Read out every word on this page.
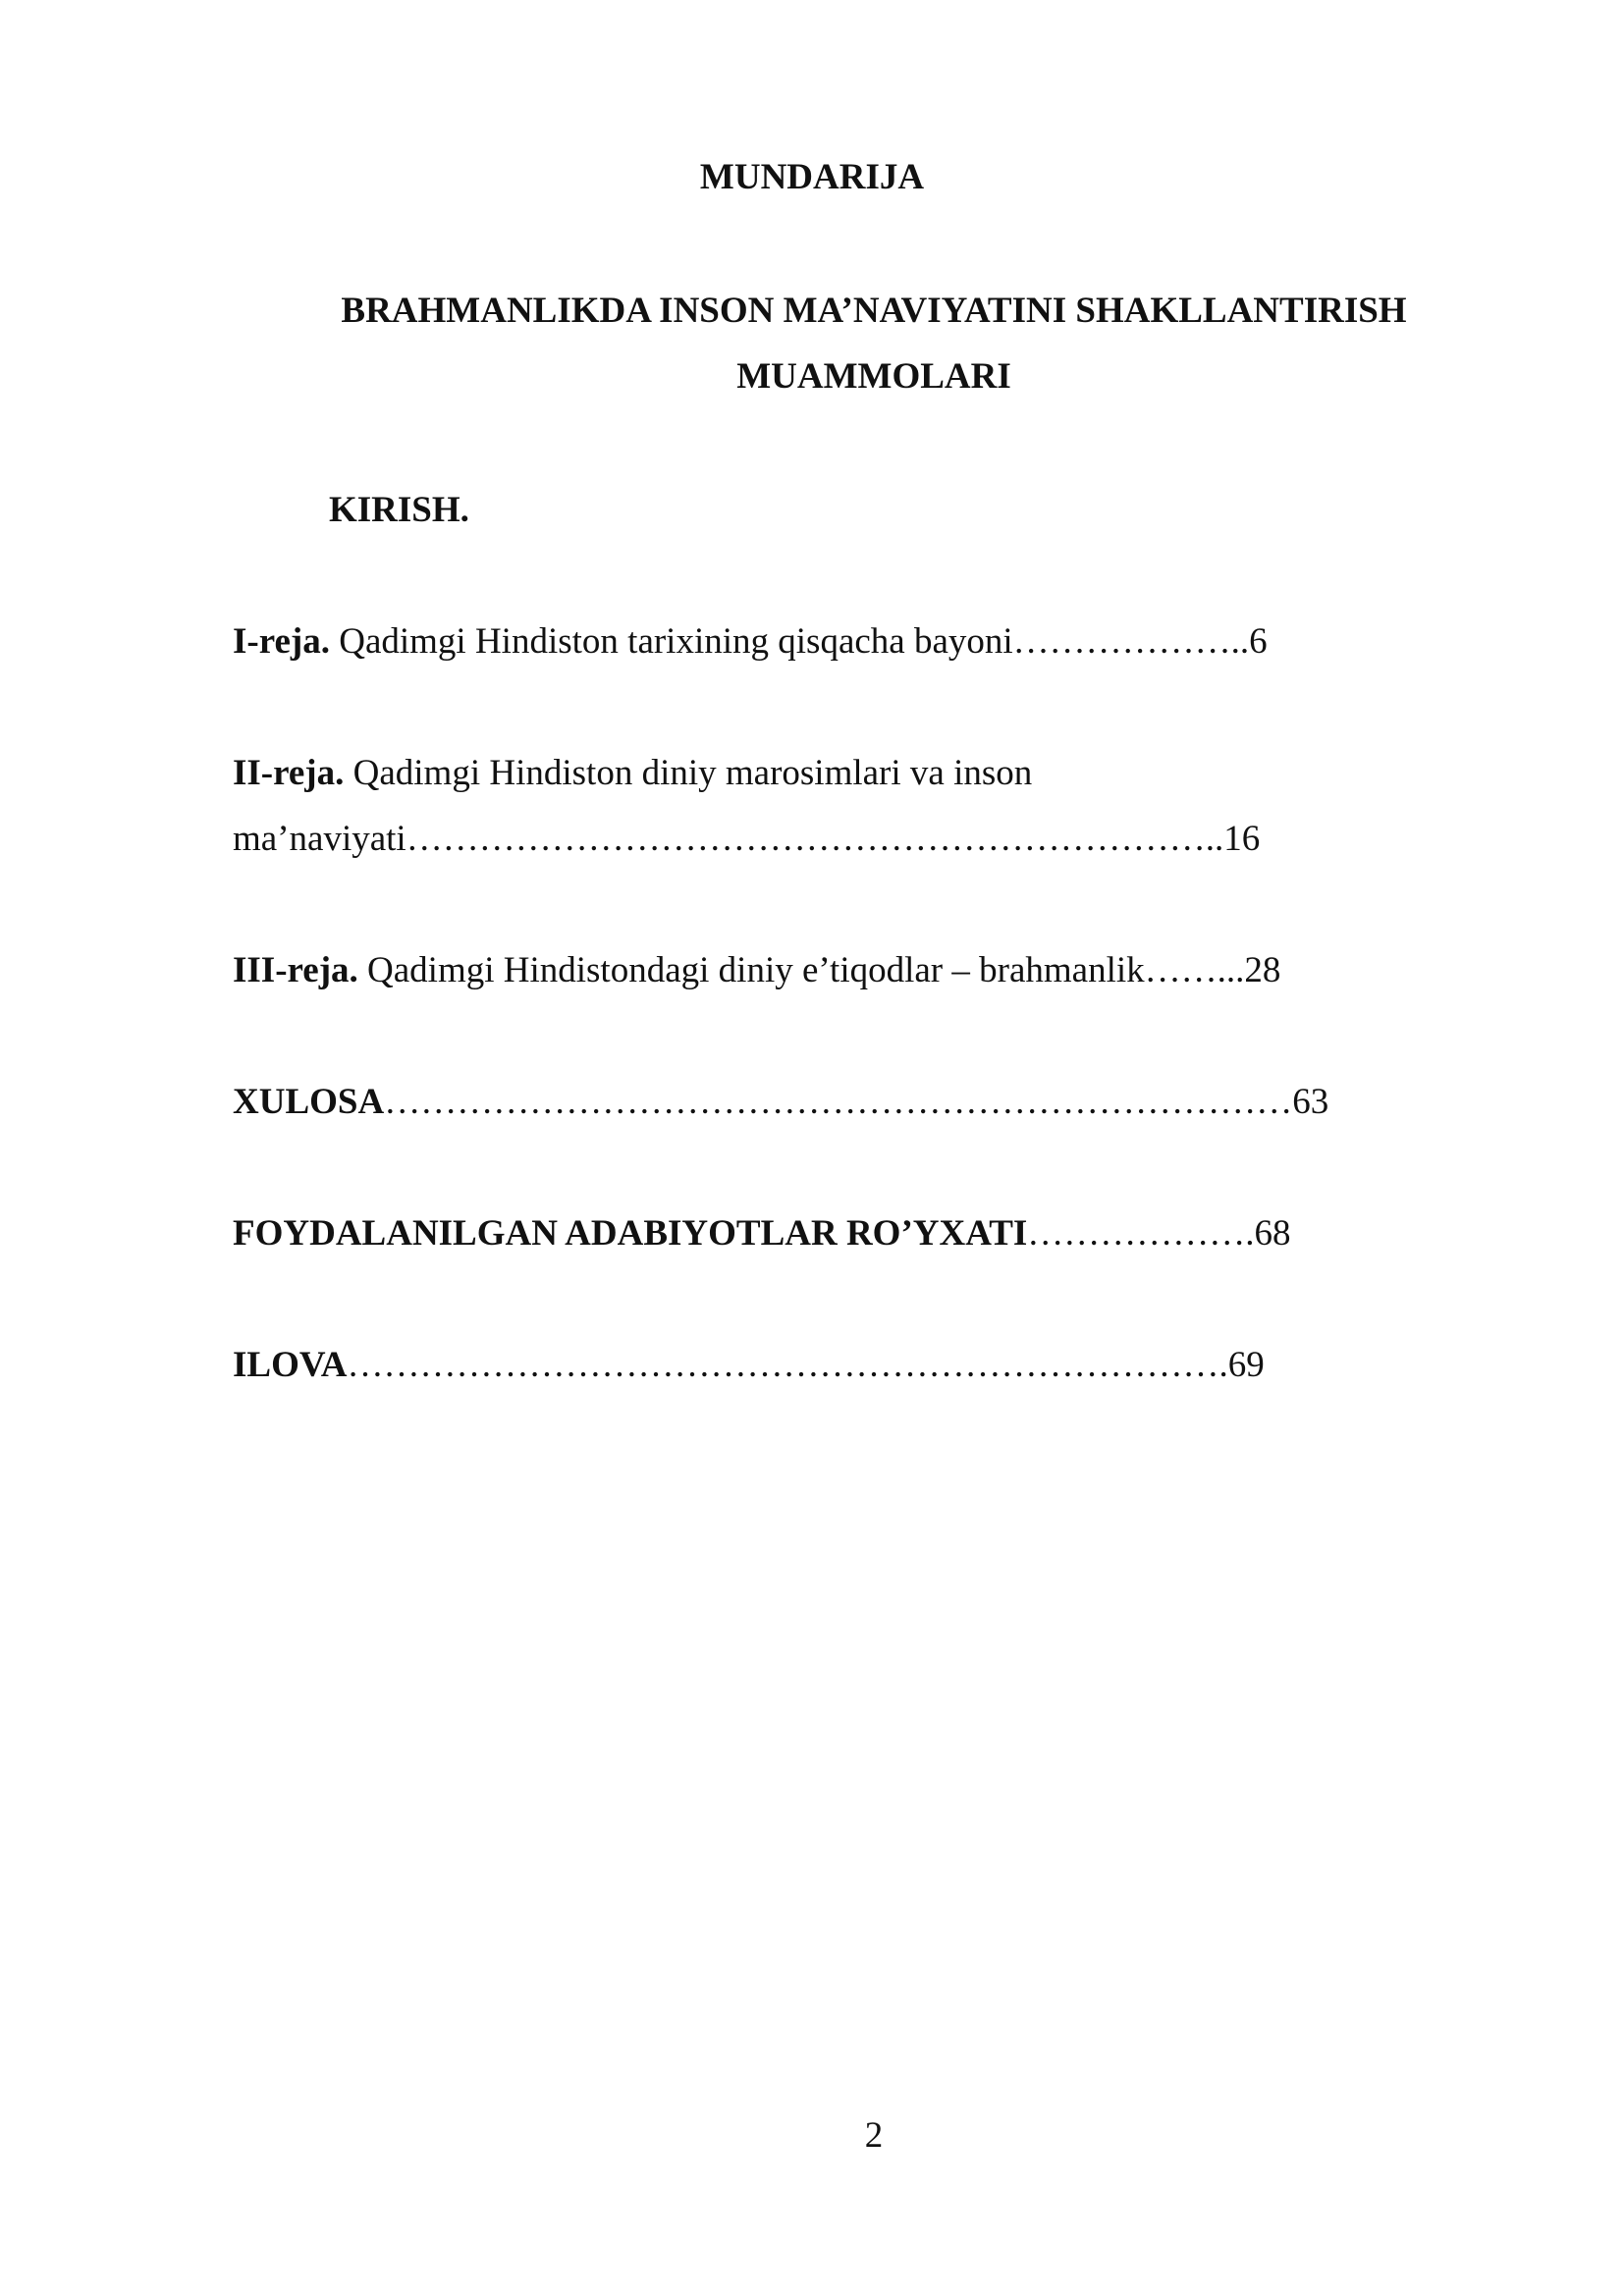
MUNDARIJA

BRAHMANLIKDA INSON MA’NAVIYATINI SHAKLLANTIRISH
MUAMMOLARI

KIRISH.

I-reja. Qadimgi Hindiston tarixining qisqacha bayoni………………..6

II-reja. Qadimgi Hindiston diniy marosimlari va inson

ma’naviyati…………………………………………………………..16

III-reja. Qadimgi Hindistondagi diniy e’tiqodlar – brahmanlik……...28

XULOSA…………………………………………………………………63

FOYDALANILGAN ADABIYOTLAR RO’YXATI……………….68

ILOVA……………………………………………………………….69

2
